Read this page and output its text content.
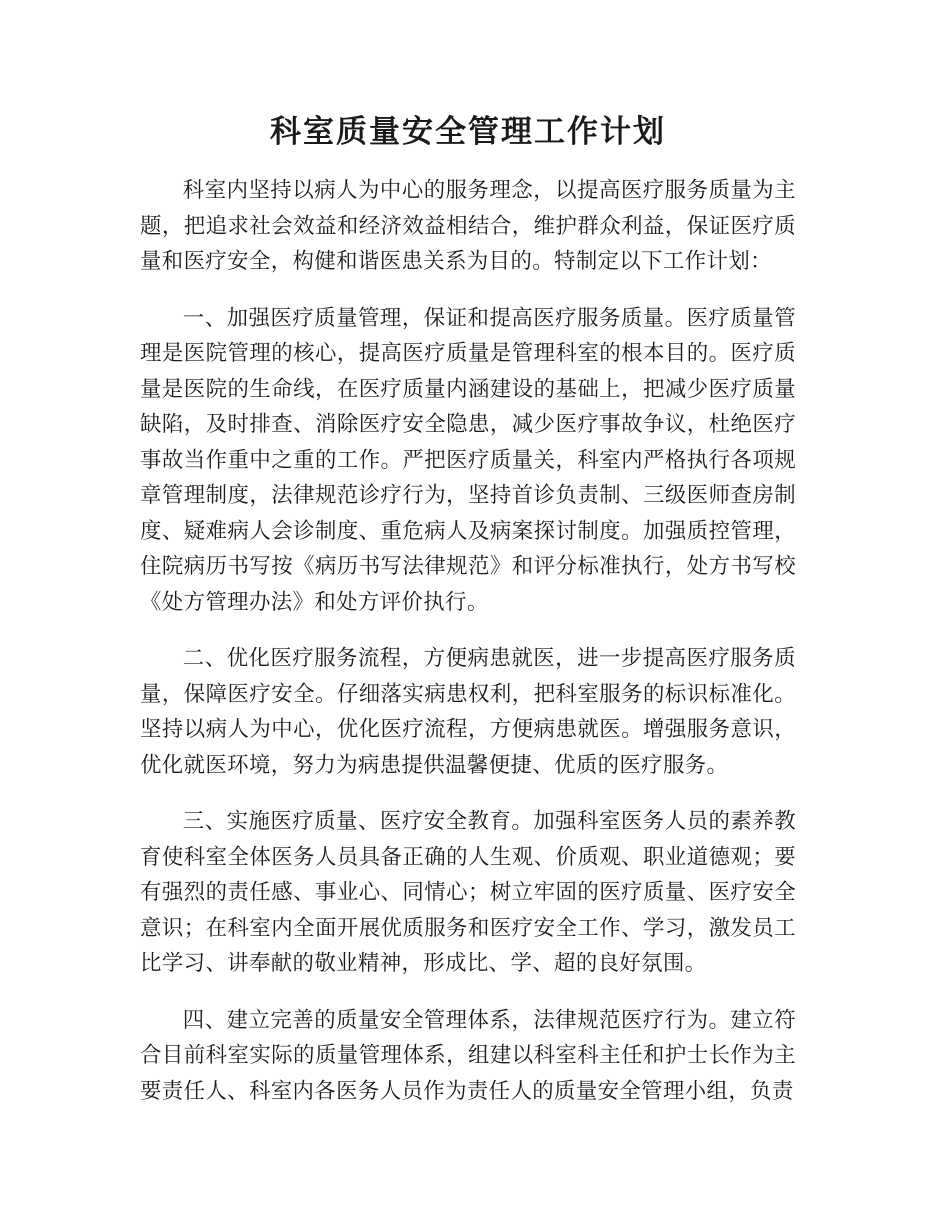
科室质量安全管理工作计划

科室内坚持以病人为中心的服务理念，以提高医疗服务质量为主题，把追求社会效益和经济效益相结合，维护群众利益，保证医疗质量和医疗安全，构健和谐医患关系为目的。特制定以下工作计划：

一、加强医疗质量管理，保证和提高医疗服务质量。医疗质量管理是医院管理的核心，提高医疗质量是管理科室的根本目的。医疗质量是医院的生命线，在医疗质量内涵建设的基础上，把减少医疗质量缺陷，及时排查、消除医疗安全隐患，减少医疗事故争议，杜绝医疗事故当作重中之重的工作。严把医疗质量关，科室内严格执行各项规章管理制度，法律规范诊疗行为，坚持首诊负责制、三级医师查房制度、疑难病人会诊制度、重危病人及病案探讨制度。加强质控管理，住院病历书写按《病历书写法律规范》和评分标准执行，处方书写校《处方管理办法》和处方评价执行。

二、优化医疗服务流程，方便病患就医，进一步提高医疗服务质量，保障医疗安全。仔细落实病患权利，把科室服务的标识标准化。坚持以病人为中心，优化医疗流程，方便病患就医。增强服务意识，优化就医环境，努力为病患提供温馨便捷、优质的医疗服务。

三、实施医疗质量、医疗安全教育。加强科室医务人员的素养教育使科室全体医务人员具备正确的人生观、价质观、职业道德观；要有强烈的责任感、事业心、同情心；树立牢固的医疗质量、医疗安全意识；在科室内全面开展优质服务和医疗安全工作、学习，激发员工比学习、讲奉献的敬业精神，形成比、学、超的良好氛围。

四、建立完善的质量安全管理体系，法律规范医疗行为。建立符合目前科室实际的质量管理体系，组建以科室科主任和护士长作为主要责任人、科室内各医务人员作为责任人的质量安全管理小组，负责
